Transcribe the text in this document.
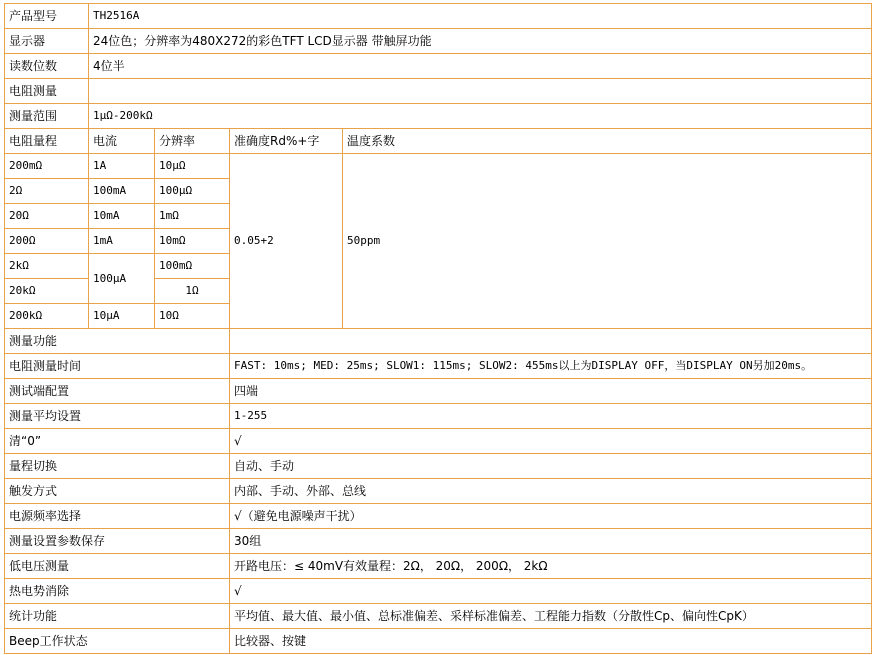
产品型号	TH2516A			
显示器	24位色；分辨率为480X272的彩色TFT LCD显示器 带触屏功能			
读数位数	4位半			
电阻测量				
测量范围	1μΩ-200kΩ			
电阻量程	电流	分辨率	准确度Rd%+字	温度系数
200mΩ	1A	10μΩ	0.05+2	50ppm
2Ω	100mA	100μΩ		
20Ω	10mA	1mΩ		
200Ω	1mA	10mΩ		
2kΩ	100μA	100mΩ		
20kΩ		1Ω		
200kΩ	10μA	10Ω		
测量功能				
电阻测量时间			FAST: 10ms; MED: 25ms; SLOW1: 115ms; SLOW2: 455ms以上为DISPLAY OFF，当DISPLAY ON另加20ms。	
测试端配置			四端	
测量平均设置			1-255	
清“0”			√	
量程切换			自动、手动	
触发方式			内部、手动、外部、总线	
电源频率选择			√（避免电源噪声干扰）	
测量设置参数保存			30组	
低电压测量			开路电压：≤ 40mV有效量程：2Ω， 20Ω， 200Ω， 2kΩ	
热电势消除			√	
统计功能			平均值、最大值、最小值、总标准偏差、采样标准偏差、工程能力指数（分散性Cp、偏向性CpK）	
Beep工作状态			比较器、按键	
